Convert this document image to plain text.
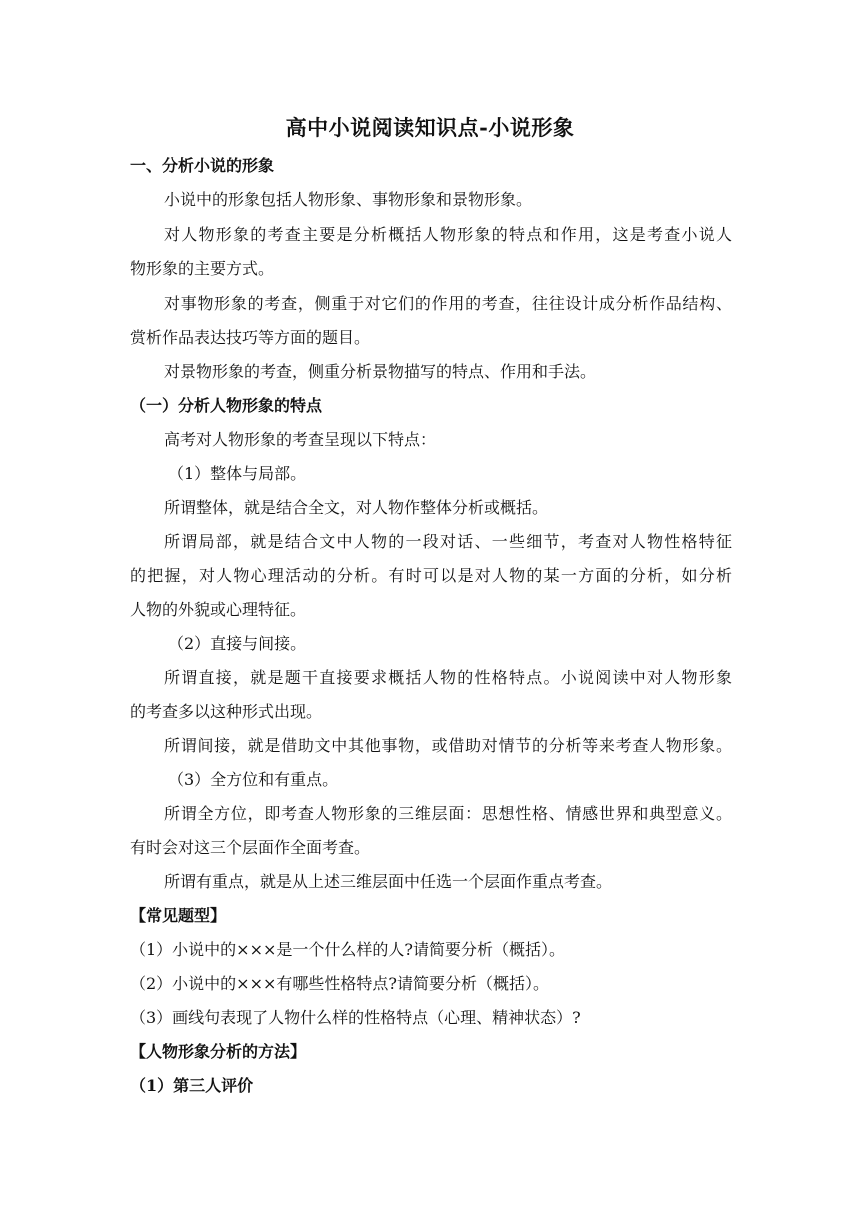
高中小说阅读知识点-小说形象
一、分析小说的形象
小说中的形象包括人物形象、事物形象和景物形象。
对人物形象的考查主要是分析概括人物形象的特点和作用，这是考查小说人
物形象的主要方式。
对事物形象的考查，侧重于对它们的作用的考查，往往设计成分析作品结构、
赏析作品表达技巧等方面的题目。
对景物形象的考查，侧重分析景物描写的特点、作用和手法。
（一）分析人物形象的特点
高考对人物形象的考查呈现以下特点：
（1）整体与局部。
所谓整体，就是结合全文，对人物作整体分析或概括。
所谓局部，就是结合文中人物的一段对话、一些细节，考查对人物性格特征
的把握，对人物心理活动的分析。有时可以是对人物的某一方面的分析，如分析
人物的外貌或心理特征。
（2）直接与间接。
所谓直接，就是题干直接要求概括人物的性格特点。小说阅读中对人物形象
的考查多以这种形式出现。
所谓间接，就是借助文中其他事物，或借助对情节的分析等来考查人物形象。
（3）全方位和有重点。
所谓全方位，即考查人物形象的三维层面：思想性格、情感世界和典型意义。
有时会对这三个层面作全面考查。
所谓有重点，就是从上述三维层面中任选一个层面作重点考查。
【常见题型】
（1）小说中的×××是一个什么样的人?请简要分析（概括）。
（2）小说中的×××有哪些性格特点?请简要分析（概括）。
（3）画线句表现了人物什么样的性格特点（心理、精神状态）?
【人物形象分析的方法】
（1）第三人评价
